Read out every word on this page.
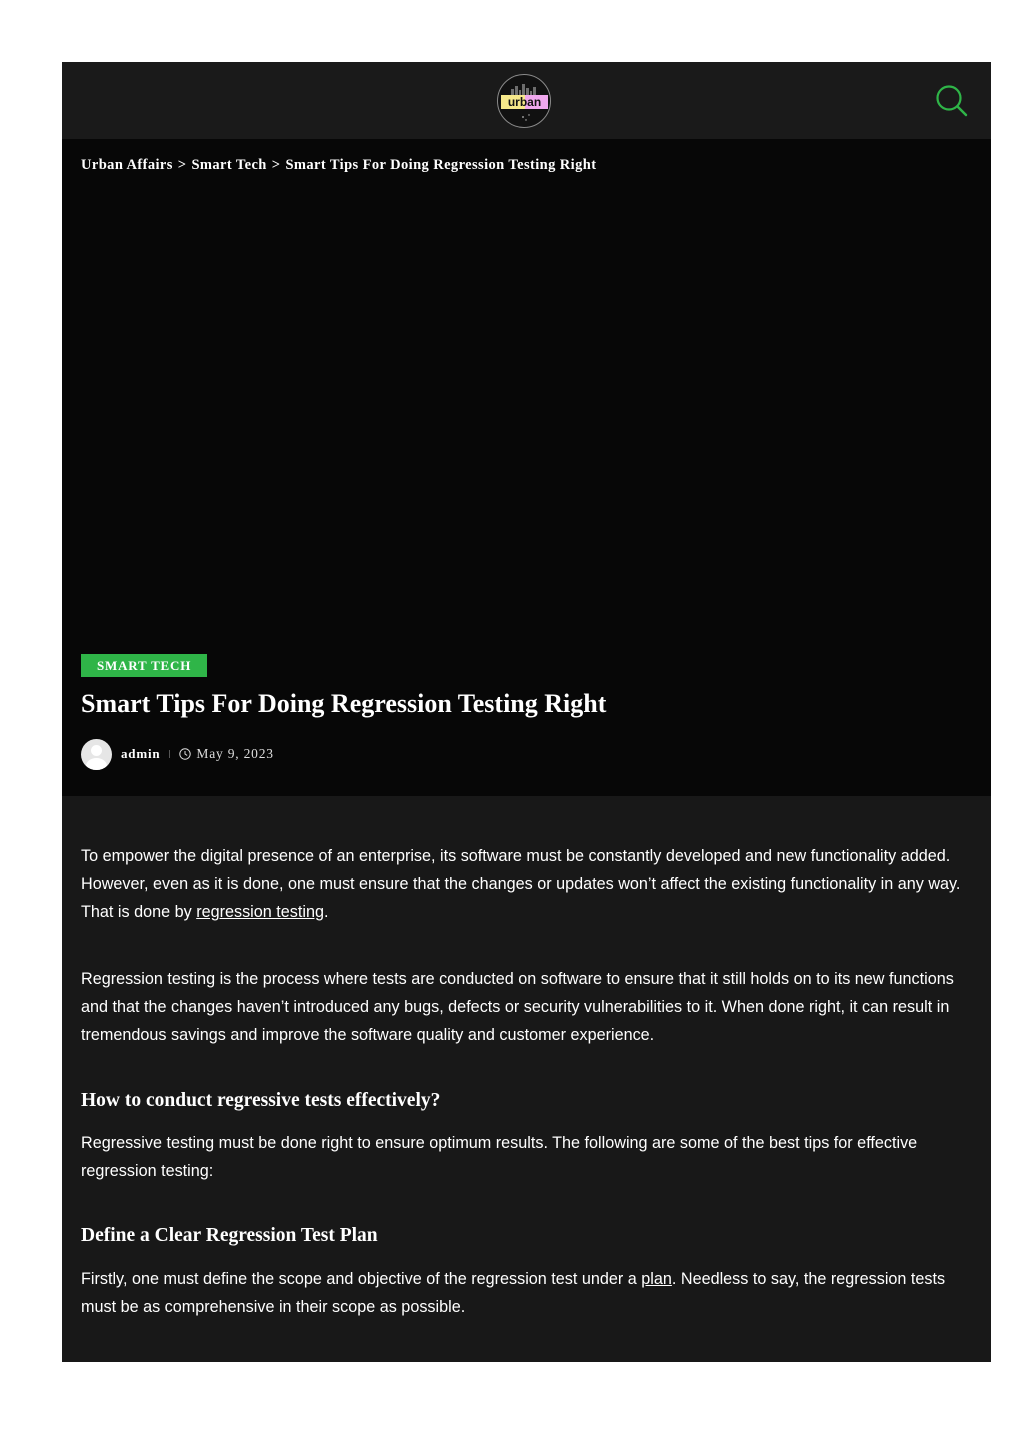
urban
Urban Affairs > Smart Tech > Smart Tips For Doing Regression Testing Right
SMART TECH
Smart Tips For Doing Regression Testing Right
admin	May 9, 2023

To empower the digital presence of an enterprise, its software must be constantly developed and new functionality added. However, even as it is done, one must ensure that the changes or updates won’t affect the existing functionality in any way. That is done by regression testing.

Regression testing is the process where tests are conducted on software to ensure that it still holds on to its new functions and that the changes haven’t introduced any bugs, defects or security vulnerabilities to it. When done right, it can result in tremendous savings and improve the software quality and customer experience.

How to conduct regressive tests effectively?

Regressive testing must be done right to ensure optimum results. The following are some of the best tips for effective regression testing:

Define a Clear Regression Test Plan

Firstly, one must define the scope and objective of the regression test under a plan. Needless to say, the regression tests must be as comprehensive in their scope as possible.
